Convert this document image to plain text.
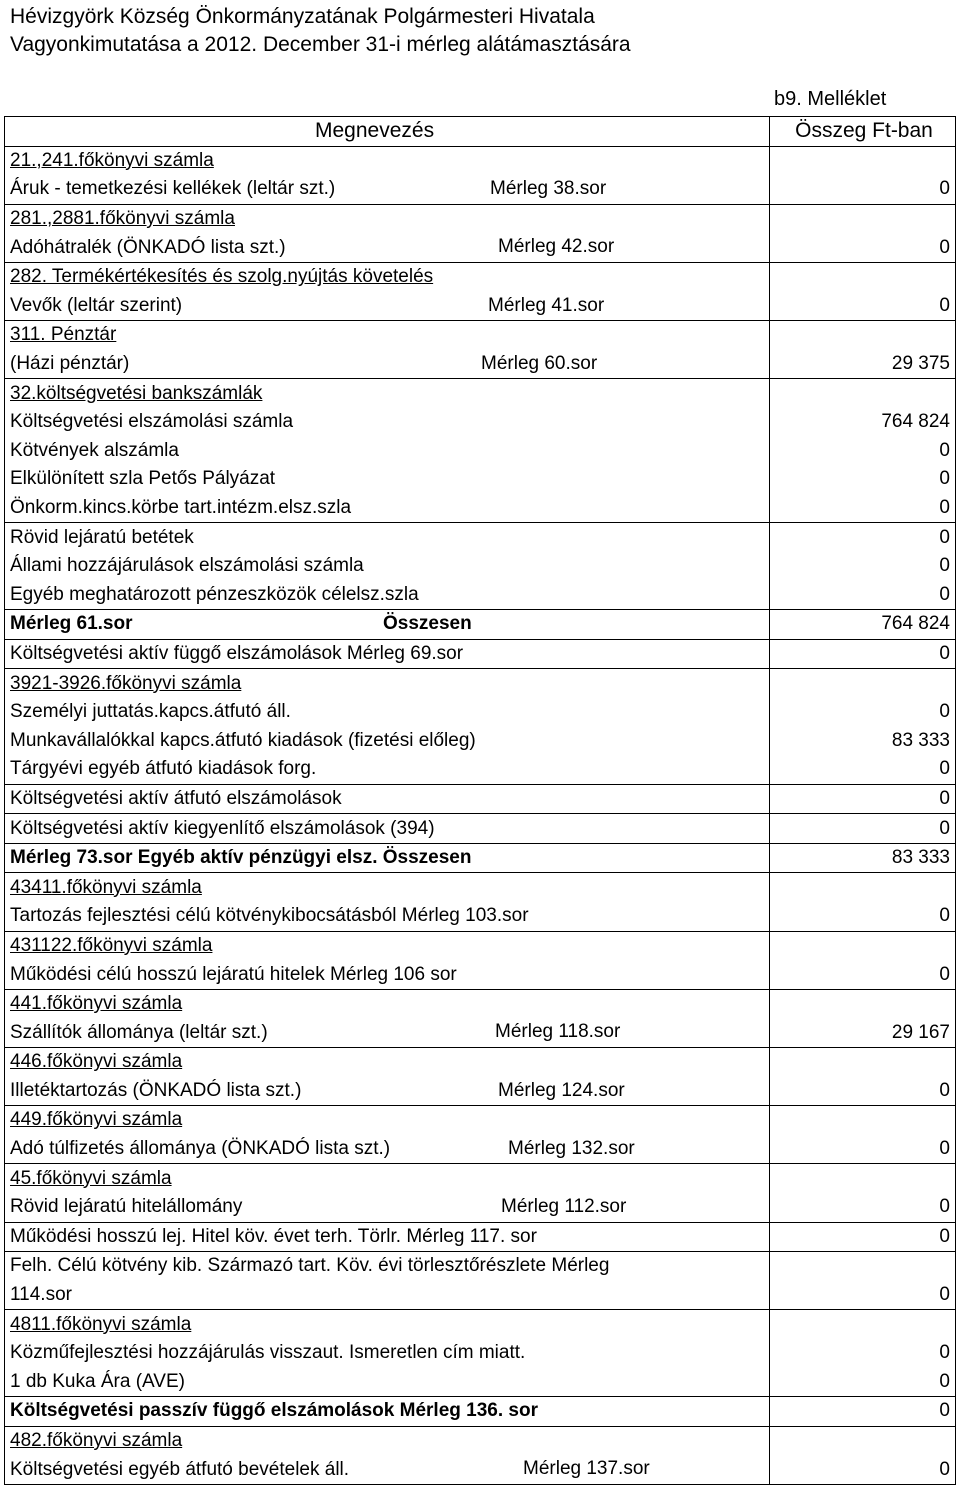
Hévizgyörk Község Önkormányzatának Polgármesteri Hivatala
Vagyonkimutatása a 2012. December 31-i mérleg alátámasztására
b9. Melléklet
Megnevezés	Összeg Ft-ban
21.,241.főkönyvi számla	
Áruk - temetkezési kellékek (leltár szt.) Mérleg 38.sor	0
281.,2881.főkönyvi számla	
Adóhátralék (ÖNKADÓ lista szt.) Mérleg 42.sor	0
282. Termékértékesítés és szolg.nyújtás követelés	
Vevők (leltár szerint) Mérleg 41.sor	0
311. Pénztár	
(Házi pénztár) Mérleg 60.sor	29 375
32.költségvetési bankszámlák	
Költségvetési elszámolási számla	764 824
Kötvények alszámla	0
Elkülönített szla Petős Pályázat	0
Önkorm.kincs.körbe tart.intézm.elsz.szla	0
Rövid lejáratú betétek	0
Állami hozzájárulások elszámolási számla	0
Egyéb meghatározott pénzeszközök célelsz.szla	0
Mérleg 61.sor Összesen	764 824
Költségvetési aktív függő elszámolások Mérleg 69.sor	0
3921-3926.főkönyvi számla	
Személyi juttatás.kapcs.átfutó áll.	0
Munkavállalókkal kapcs.átfutó kiadások (fizetési előleg)	83 333
Tárgyévi egyéb átfutó kiadások forg.	0
Költségvetési aktív átfutó elszámolások	0
Költségvetési aktív kiegyenlítő elszámolások (394)	0
Mérleg 73.sor Egyéb aktív pénzügyi elsz. Összesen	83 333
43411.főkönyvi számla	
Tartozás fejlesztési célú kötvénykibocsátásból Mérleg 103.sor	0
431122.főkönyvi számla	
Működési célú hosszú lejáratú hitelek Mérleg 106 sor	0
441.főkönyvi számla	
Szállítók állománya (leltár szt.) Mérleg 118.sor	29 167
446.főkönyvi számla	
Illetéktartozás (ÖNKADÓ lista szt.) Mérleg 124.sor	0
449.főkönyvi számla	
Adó túlfizetés állománya (ÖNKADÓ lista szt.) Mérleg 132.sor	0
45.főkönyvi számla	
Rövid lejáratú hitelállomány Mérleg 112.sor	0
Működési hosszú lej. Hitel köv. évet terh. Törlr. Mérleg 117. sor	0
Felh. Célú kötvény kib. Származó tart. Köv. évi törlesztőrészlete Mérleg	
114.sor	0
4811.főkönyvi számla	
Közműfejlesztési hozzájárulás visszaut. Ismeretlen cím miatt.	0
1 db Kuka Ára (AVE)	0
Költségvetési passzív függő elszámolások Mérleg 136. sor	0
482.főkönyvi számla	
Költségvetési egyéb átfutó bevételek áll. Mérleg 137.sor	0
